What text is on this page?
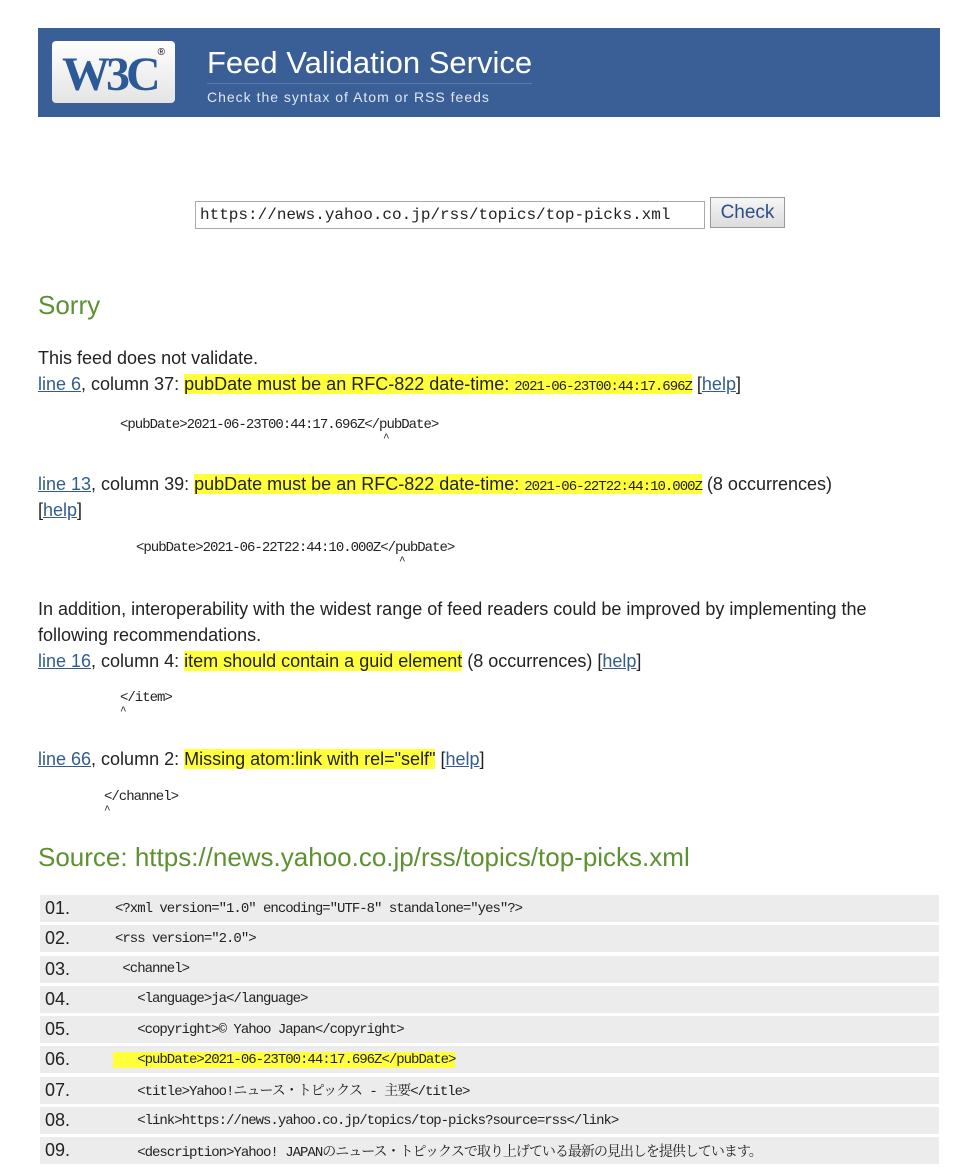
W3C ® Feed Validation Service
Check the syntax of Atom or RSS feeds
https://news.yahoo.co.jp/rss/topics/top-picks.xml
Check
Sorry
This feed does not validate.
line 6, column 37: pubDate must be an RFC-822 date-time: 2021-06-23T00:44:17.696Z [help]
<pubDate>2021-06-23T00:44:17.696Z</pubDate>
^
line 13, column 39: pubDate must be an RFC-822 date-time: 2021-06-22T22:44:10.000Z (8 occurrences)
[help]
<pubDate>2021-06-22T22:44:10.000Z</pubDate>
^
In addition, interoperability with the widest range of feed readers could be improved by implementing the following recommendations.
line 16, column 4: item should contain a guid element (8 occurrences) [help]
</item>
^
line 66, column 2: Missing atom:link with rel="self" [help]
</channel>
^
Source: https://news.yahoo.co.jp/rss/topics/top-picks.xml
01.	<?xml version="1.0" encoding="UTF-8" standalone="yes"?>
02.	<rss version="2.0">
03.	<channel>
04.	<language>ja</language>
05.	<copyright>© Yahoo Japan</copyright>
06.	<pubDate>2021-06-23T00:44:17.696Z</pubDate>
07.	<title>Yahoo!ニュース・トピックス - 主要</title>
08.	<link>https://news.yahoo.co.jp/topics/top-picks?source=rss</link>
09.	<description>Yahoo! JAPANのニュース・トピックスで取り上げている最新の見出しを提供しています。
